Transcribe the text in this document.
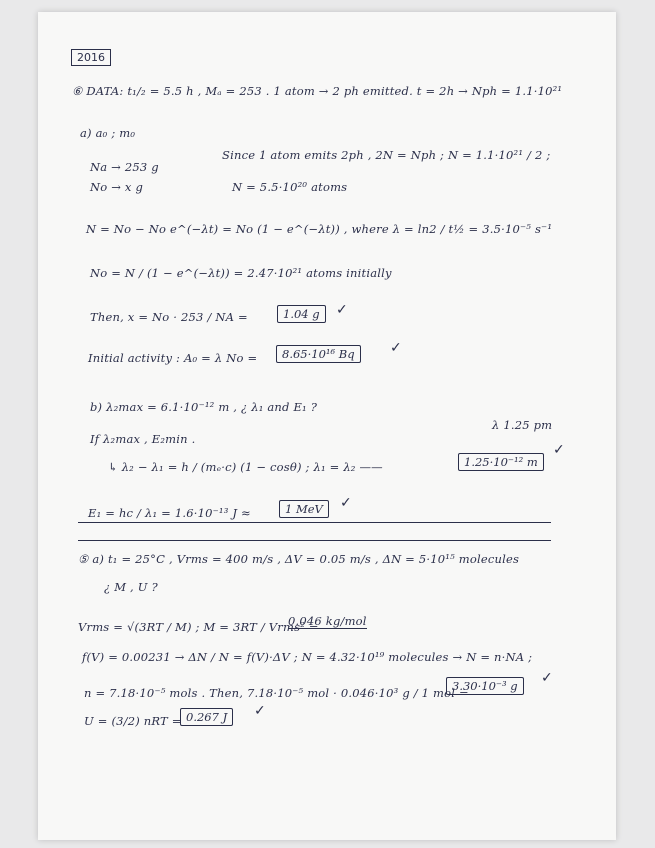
2016
⑥ DATA: t₁/₂ = 5.5 h , Mₐ = 253 . 1 atom → 2 ph emitted. t = 2h → Nph = 1.1·10²¹
a) a₀ ; m₀
Na → 253 g
No → x g
Since 1 atom emits 2ph , 2N = Nph ; N = 1.1·10²¹ / 2 ;
N = 5.5·10²⁰ atoms
N = No − No e^(−λt) = No (1 − e^(−λt)) , where λ = ln2 / t½ = 3.5·10⁻⁵ s⁻¹
No = N / (1 − e^(−λt)) = 2.47·10²¹ atoms initially
Then, x = No · 253 / NA =	1.04 g	✓
Initial activity : A₀ = λ No =	8.65·10¹⁶ Bq	✓
b) λ₂max = 6.1·10⁻¹² m , ¿ λ₁ and E₁ ?
If λ₂max , E₂min .
λ 1.25 pm
↳ λ₂ − λ₁ = h / (mₑ·c) (1 − cosθ) ; λ₁ = λ₂ ——	1.25·10⁻¹² m
✓
E₁ = hc / λ₁ = 1.6·10⁻¹³ J ≈	1 MeV	✓
⑤ a) t₁ = 25°C , Vrms = 400 m/s , ΔV = 0.05 m/s , ΔN = 5·10¹⁵ molecules
¿ M , U ?
Vrms = √(3RT / M) ; M = 3RT / Vrms² =
0.046 kg/mol
f(V) = 0.00231 → ΔN / N = f(V)·ΔV ; N = 4.32·10¹⁹ molecules → N = n·NA ;
n = 7.18·10⁻⁵ mols . Then, 7.18·10⁻⁵ mol · 0.046·10³ g / 1 mol =
3.30·10⁻³ g	✓
U = (3/2) nRT = 0.267 J	✓
